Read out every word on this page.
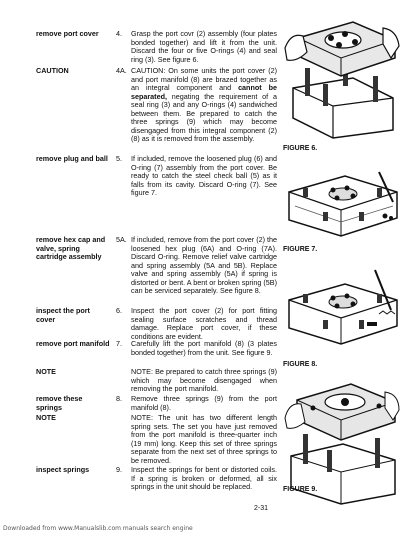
remove port cover	4. Grasp the port covr (2) assembly (four plates bonded together) and lift it from the unit. Discard the four or five O-rings (4) and seal ring (3). See figure 6.
CAUTION	4A. CAUTION: On some units the port cover (2) and port manifold (8) are brazed together as an integral component and cannot be separated, negating the requirement of a seal ring (3) and any O-rings (4) sandwiched between them. Be prepared to catch the three springs (9) which may become disengaged from this integral component (2)(8) as it is removed from the assembly.
remove plug and ball 5. If included, remove the loosened plug (6) and O-ring (7) assembly from the port cover. Be ready to catch the steel check ball (5) as it falls from its cavity. Discard O-ring (7). See figure 7.
remove hex cap and valve, spring cartridge assembly
5A. If included, remove from the port cover (2) the loosened hex plug (6A) and O-ring (7A). Discard O-ring. Remove relief valve cartridge and spring assembly (5A and 5B). Replace valve and spring assembly (5A) if spring is distorted or bent. A bent or broken spring (5B) can be serviced separately. See figure 8.
inspect the port cover
6. Inspect the port cover (2) for port fitting sealing surface scratches and thread damage. Replace port cover, if these conditions are evident.
remove port manifold 7. Carefully lift the port manifold (8) (3 plates bonded together) from the unit. See figure 9.
NOTE	NOTE: Be prepared to catch three springs (9) which may become disengaged when removing the port manifold.
remove these springs
8. Remove three springs (9) from the port manifold (8).
NOTE	NOTE: The unit has two different length spring sets. The set you have just removed from the port manifold is three-quarter inch (19 mm) long. Keep this set of three springs separate from the next set of three springs to be removed.
inspect springs	9. Inspect the springs for bent or distorted coils. If a spring is broken or deformed, all six springs in the unit should be replaced.
FIGURE 6.
FIGURE 7.
FIGURE 8.
FIGURE 9.
2-31
Downloaded from www.Manualslib.com manuals search engine
